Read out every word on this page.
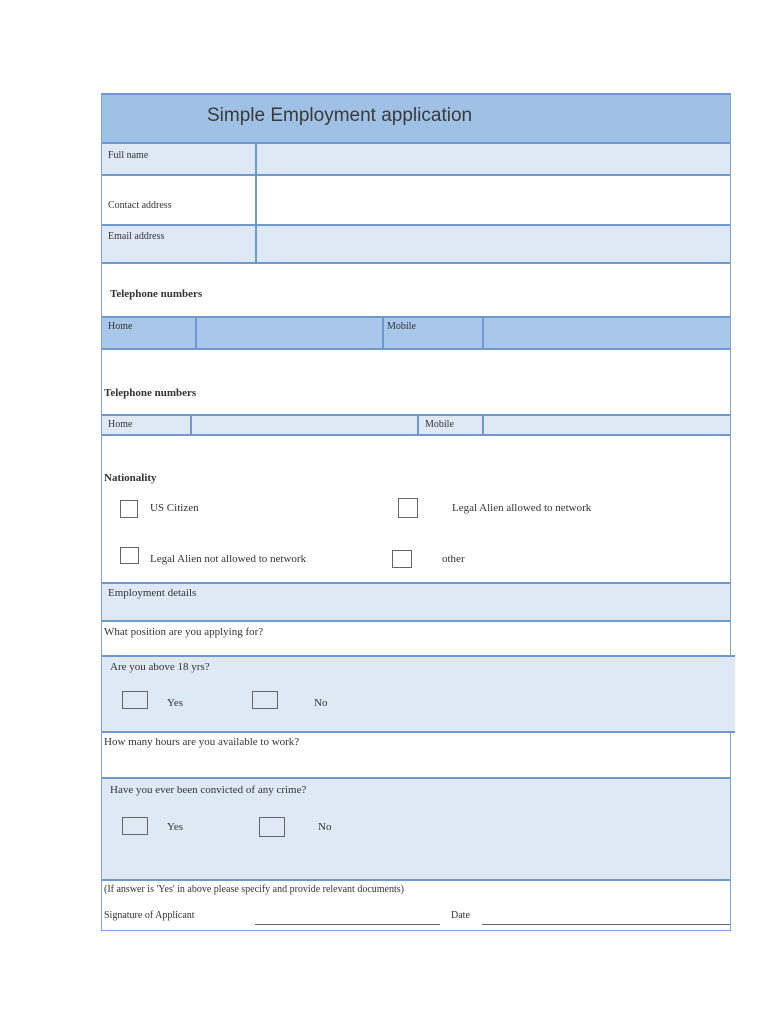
Simple Employment application
Full name
Contact address
Email address
Telephone numbers
Home	Mobile
Telephone numbers
Home	Mobile
Nationality
US Citizen	Legal Alien allowed to network
Legal Alien not allowed to network	other
Employment details
What position are you applying for?
Are you above 18 yrs?
Yes	No
How many hours are you available to work?
Have you ever been convicted of any crime?
Yes	No
(If answer is 'Yes' in above please specify and provide relevant documents)
Signature of Applicant	Date
